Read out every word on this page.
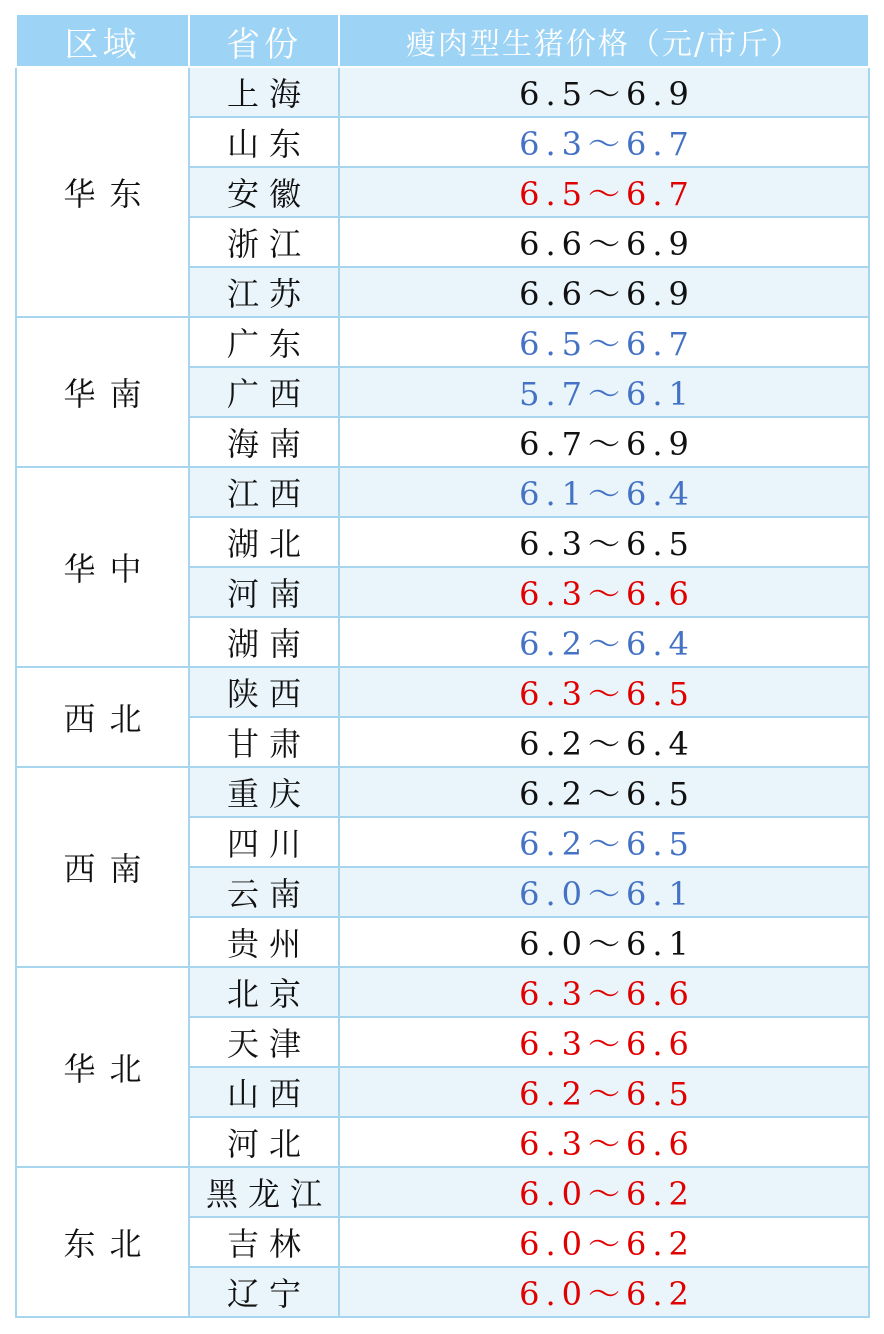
区域	省份	瘦肉型生猪价格（元/市斤）
华东	上海	6.5～6.9
	山东	6.3～6.7
	安徽	6.5～6.7
	浙江	6.6～6.9
	江苏	6.6～6.9
华南	广东	6.5～6.7
	广西	5.7～6.1
	海南	6.7～6.9
华中	江西	6.1～6.4
	湖北	6.3～6.5
	河南	6.3～6.6
	湖南	6.2～6.4
西北	陕西	6.3～6.5
	甘肃	6.2～6.4
西南	重庆	6.2～6.5
	四川	6.2～6.5
	云南	6.0～6.1
	贵州	6.0～6.1
华北	北京	6.3～6.6
	天津	6.3～6.6
	山西	6.2～6.5
	河北	6.3～6.6
东北	黑龙江	6.0～6.2
	吉林	6.0～6.2
	辽宁	6.0～6.2
